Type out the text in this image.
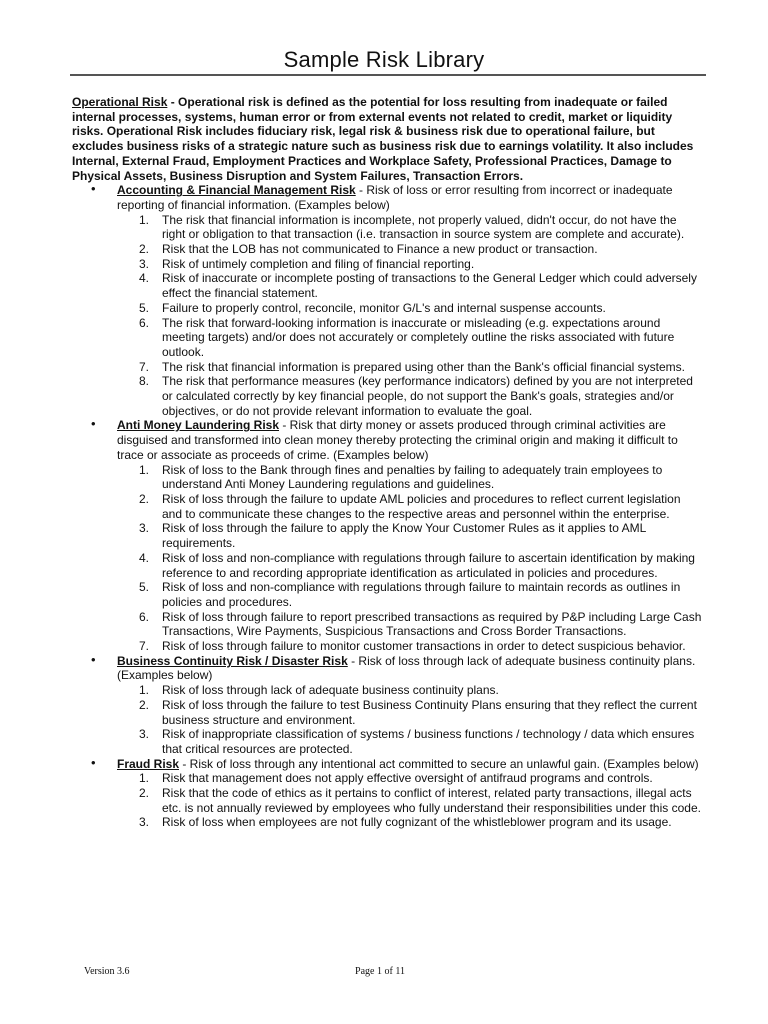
Sample Risk Library

Operational Risk - Operational risk is defined as the potential for loss resulting from inadequate or failed internal processes, systems, human error or from external events not related to credit, market or liquidity risks. Operational Risk includes fiduciary risk, legal risk & business risk due to operational failure, but excludes business risks of a strategic nature such as business risk due to earnings volatility. It also includes Internal, External Fraud, Employment Practices and Workplace Safety, Professional Practices, Damage to Physical Assets, Business Disruption and System Failures, Transaction Errors.

• Accounting & Financial Management Risk - Risk of loss or error resulting from incorrect or inadequate reporting of financial information. (Examples below)
1. The risk that financial information is incomplete, not properly valued, didn't occur, do not have the right or obligation to that transaction (i.e. transaction in source system are complete and accurate).
2. Risk that the LOB has not communicated to Finance a new product or transaction.
3. Risk of untimely completion and filing of financial reporting.
4. Risk of inaccurate or incomplete posting of transactions to the General Ledger which could adversely effect the financial statement.
5. Failure to properly control, reconcile, monitor G/L's and internal suspense accounts.
6. The risk that forward-looking information is inaccurate or misleading (e.g. expectations around meeting targets) and/or does not accurately or completely outline the risks associated with future outlook.
7. The risk that financial information is prepared using other than the Bank's official financial systems.
8. The risk that performance measures (key performance indicators) defined by you are not interpreted or calculated correctly by key financial people, do not support the Bank's goals, strategies and/or objectives, or do not provide relevant information to evaluate the goal.
• Anti Money Laundering Risk - Risk that dirty money or assets produced through criminal activities are disguised and transformed into clean money thereby protecting the criminal origin and making it difficult to trace or associate as proceeds of crime. (Examples below)
1. Risk of loss to the Bank through fines and penalties by failing to adequately train employees to understand Anti Money Laundering regulations and guidelines.
2. Risk of loss through the failure to update AML policies and procedures to reflect current legislation and to communicate these changes to the respective areas and personnel within the enterprise.
3. Risk of loss through the failure to apply the Know Your Customer Rules as it applies to AML requirements.
4. Risk of loss and non-compliance with regulations through failure to ascertain identification by making reference to and recording appropriate identification as articulated in policies and procedures.
5. Risk of loss and non-compliance with regulations through failure to maintain records as outlines in policies and procedures.
6. Risk of loss through failure to report prescribed transactions as required by P&P including Large Cash Transactions, Wire Payments, Suspicious Transactions and Cross Border Transactions.
7. Risk of loss through failure to monitor customer transactions in order to detect suspicious behavior.
• Business Continuity Risk / Disaster Risk - Risk of loss through lack of adequate business continuity plans. (Examples below)
1. Risk of loss through lack of adequate business continuity plans.
2. Risk of loss through the failure to test Business Continuity Plans ensuring that they reflect the current business structure and environment.
3. Risk of inappropriate classification of systems / business functions / technology / data which ensures that critical resources are protected.
• Fraud Risk - Risk of loss through any intentional act committed to secure an unlawful gain. (Examples below)
1. Risk that management does not apply effective oversight of antifraud programs and controls.
2. Risk that the code of ethics as it pertains to conflict of interest, related party transactions, illegal acts etc. is not annually reviewed by employees who fully understand their responsibilities under this code.
3. Risk of loss when employees are not fully cognizant of the whistleblower program and its usage.
Version 3.6	Page 1 of 11
